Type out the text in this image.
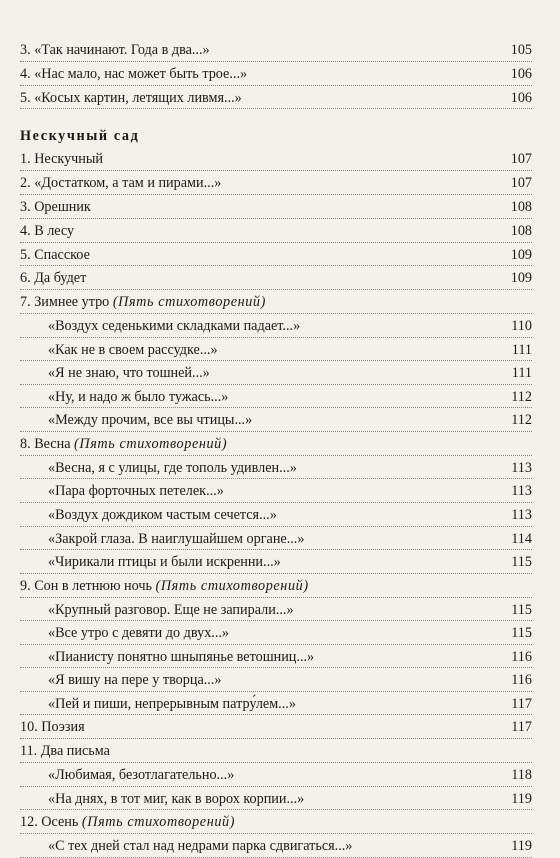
3. «Так начинают. Года в два...»	105
4. «Нас мало, нас может быть трое...»	106
5. «Косых картин, летящих ливмя...»	106
Нескучный сад
1. Нескучный	107
2. «Достатком, а там и пирами...»	107
3. Орешник	108
4. В лесу	108
5. Спасское	109
6. Да будет	109
7. Зимнее утро (Пять стихотворений)
«Воздух седенькими складками падает...»	110
«Как не в своем рассудке...»	111
«Я не знаю, что тошней...»	111
«Ну, и надо ж было тужась...»	112
«Между прочим, все вы чтицы...»	112
8. Весна (Пять стихотворений)
«Весна, я с улицы, где тополь удивлен...»	113
«Пара форточных петелек...»	113
«Воздух дождиком частым сечется...»	113
«Закрой глаза. В наиглушайшем органе...»	114
«Чирикали птицы и были искренни...»	115
9. Сон в летнюю ночь (Пять стихотворений)
«Крупный разговор. Еще не запирали...»	115
«Все утро с девяти до двух...»	115
«Пианисту понятно шныпянье ветошниц...»	116
«Я вишу на пере у творца...»	116
«Пей и пиши, непрерывным патру́лем...»	117
10. Поэзия	117
11. Два письма
«Любимая, безотлагательно...»	118
«На днях, в тот миг, как в ворох корпии...»	119
12. Осень (Пять стихотворений)
«С тех дней стал над недрами парка сдвигаться...»	119
